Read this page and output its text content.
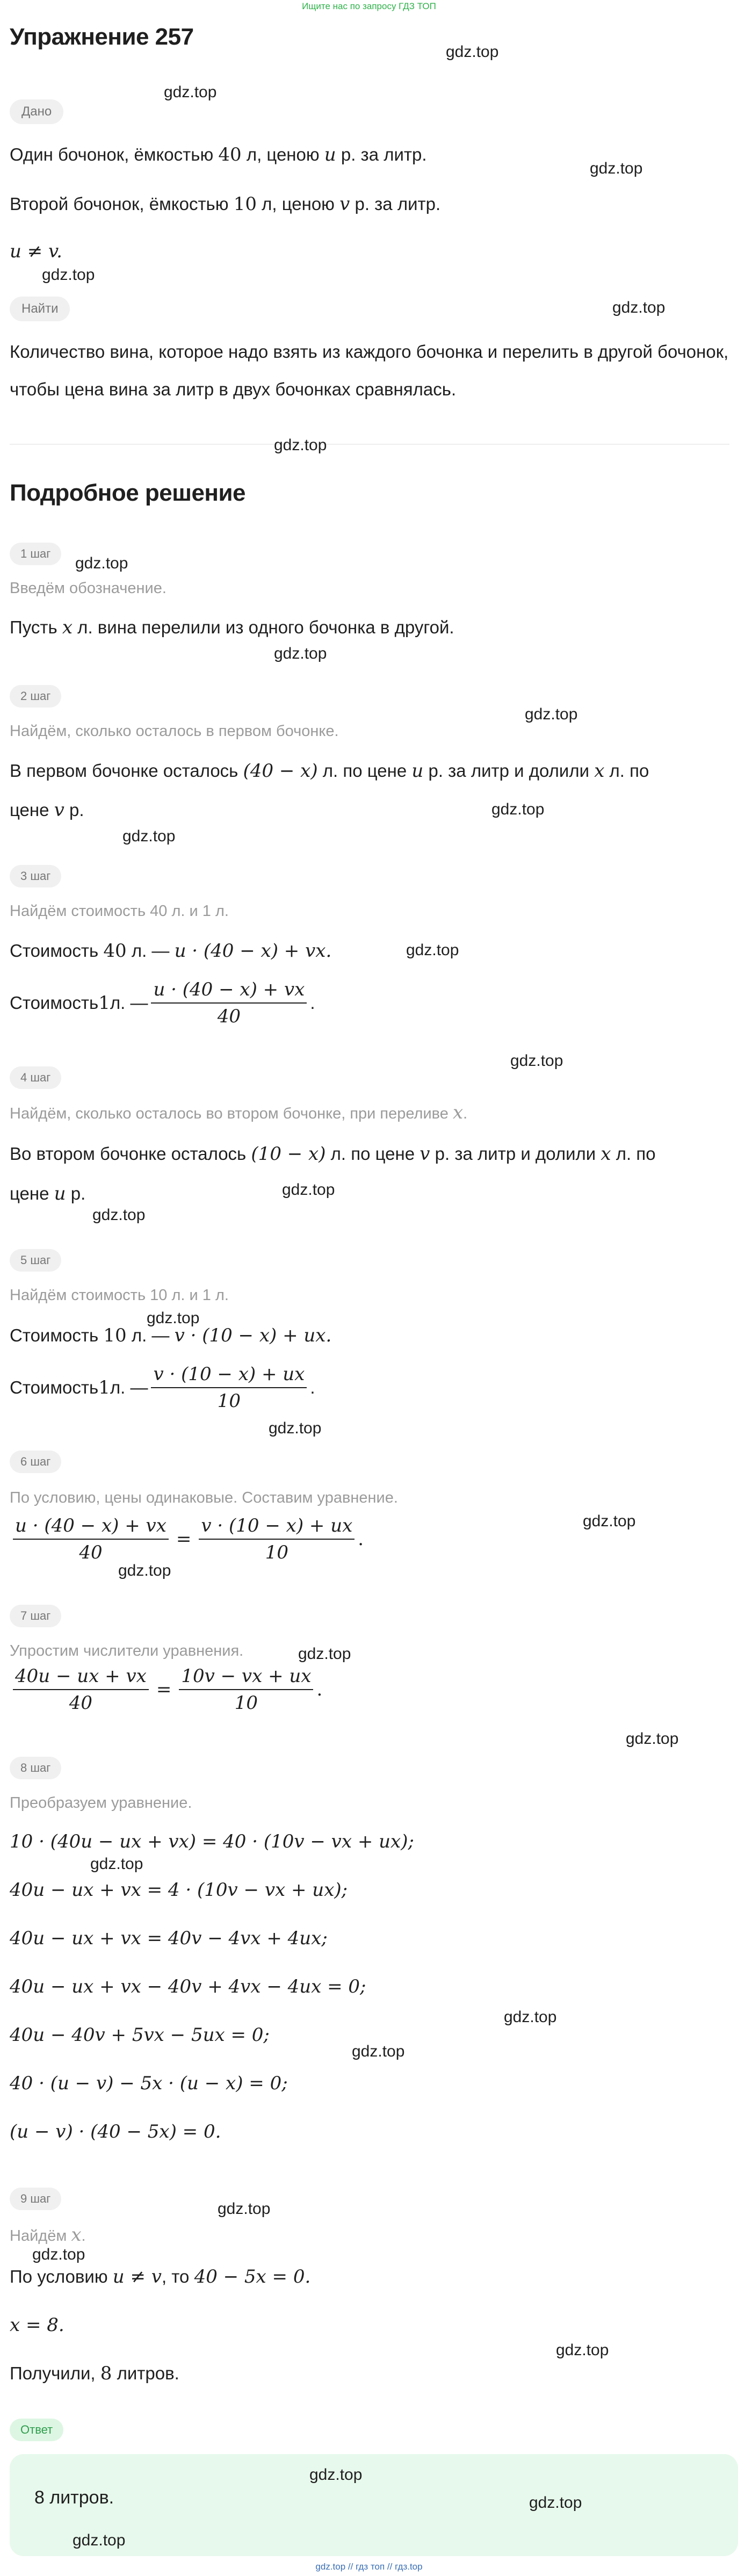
Ищите нас по запросу ГДЗ ТОП
Упражнение 257
Дано
Один бочонок, ёмкостью 40 л, ценою u р. за литр.
Второй бочонок, ёмкостью 10 л, ценою v р. за литр.
u ≠ v.
Найти
Количество вина, которое надо взять из каждого бочонка и перелить в другой бочонок, чтобы цена вина за литр в двух бочонках сравнялась.
Подробное решение
1 шаг
Введём обозначение.
Пусть x л. вина перелили из одного бочонка в другой.
2 шаг
Найдём, сколько осталось в первом бочонке.
В первом бочонке осталось (40 − x) л. по цене u р. за литр и долили x л. по
цене v р.
3 шаг
Найдём стоимость 40 л. и 1 л.
Стоимость 40 л. — u · (40 − x) + vx.
Стоимость 1 л. — $\frac{u \cdot (40 - x) + vx}{40}$ .
4 шаг
Найдём, сколько осталось во втором бочонке, при переливе x.
Во втором бочонке осталось (10 − x) л. по цене v р. за литр и долили x л. по
цене u р.
5 шаг
Найдём стоимость 10 л. и 1 л.
Стоимость 10 л. — v · (10 − x) + ux.
Стоимость 1 л. — $\frac{v \cdot (10 - x) + ux}{10}$ .
6 шаг
По условию, цены одинаковые. Составим уравнение.
$\frac{u \cdot (40 - x) + vx}{40} = \frac{v \cdot (10 - x) + ux}{10}$ .
7 шаг
Упростим числители уравнения.
$\frac{40u - ux + vx}{40} = \frac{10v - vx + ux}{10}$ .
8 шаг
Преобразуем уравнение.
10 · (40u − ux + vx) = 40 · (10v − vx + ux);
40u − ux + vx = 4 · (10v − vx + ux);
40u − ux + vx = 40v − 4vx + 4ux;
40u − ux + vx − 40v + 4vx − 4ux = 0;
40u − 40v + 5vx − 5ux = 0;
40 · (u − v) − 5x · (u − x) = 0;
(u − v) · (40 − 5x) = 0.
9 шаг
Найдём x.
По условию u ≠ v, то 40 − 5x = 0.
x = 8.
Получили, 8 литров.
Ответ
8 литров.
gdz.top
gdz.top
gdz.top
gdz.top
gdz.top
gdz.top
gdz.top
gdz.top
gdz.top
gdz.top
gdz.top
gdz.top
gdz.top
gdz.top
gdz.top
gdz.top
gdz.top
gdz.top
gdz.top
gdz.top
gdz.top
gdz.top
gdz.top
gdz.top
gdz.top
gdz.top
gdz.top
gdz.top
gdz.top
gdz.top
gdz.top // гдз топ // гдз.top
